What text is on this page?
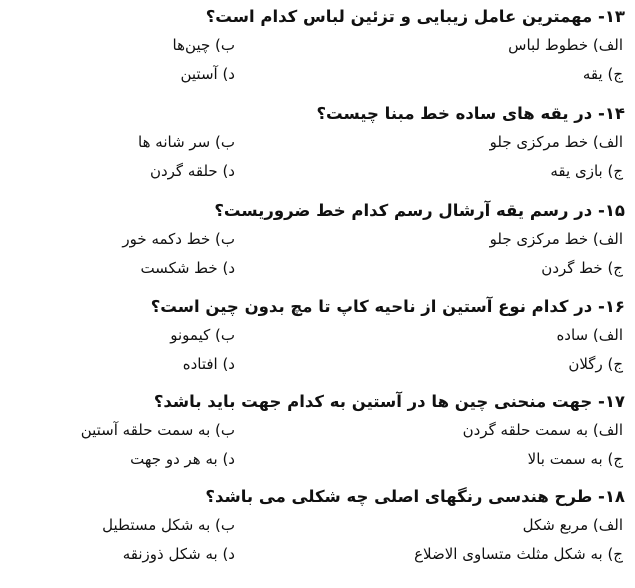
۱۳- مهمترین عامل زیبایی و تزئین لباس کدام است؟
الف) خطوط لباس
ب) چین‌ها
ج) یقه
د) آستین
۱۴- در یقه های ساده خط مبنا چیست؟
الف) خط مرکزی جلو
ب) سر شانه ها
ج) بازی یقه
د) حلقه گردن
۱۵- در رسم یقه آرشال رسم کدام خط ضروریست؟
الف) خط مرکزی جلو
ب) خط دکمه خور
ج) خط گردن
د) خط شکست
۱۶- در کدام نوع آستین از ناحیه کاپ تا مچ بدون چین است؟
الف) ساده
ب) کیمونو
ج) رگلان
د) افتاده
۱۷- جهت منحنی چین ها در آستین به کدام جهت باید باشد؟
الف) به سمت حلقه گردن
ب) به سمت حلقه آستین
ج) به سمت بالا
د) به هر دو جهت
۱۸- طرح هندسی رنگهای اصلی چه شکلی می باشد؟
الف) مربع شکل
ب) به شکل مستطیل
ج) به شکل مثلث متساوی الاضلاع
د) به شکل ذوزنقه
